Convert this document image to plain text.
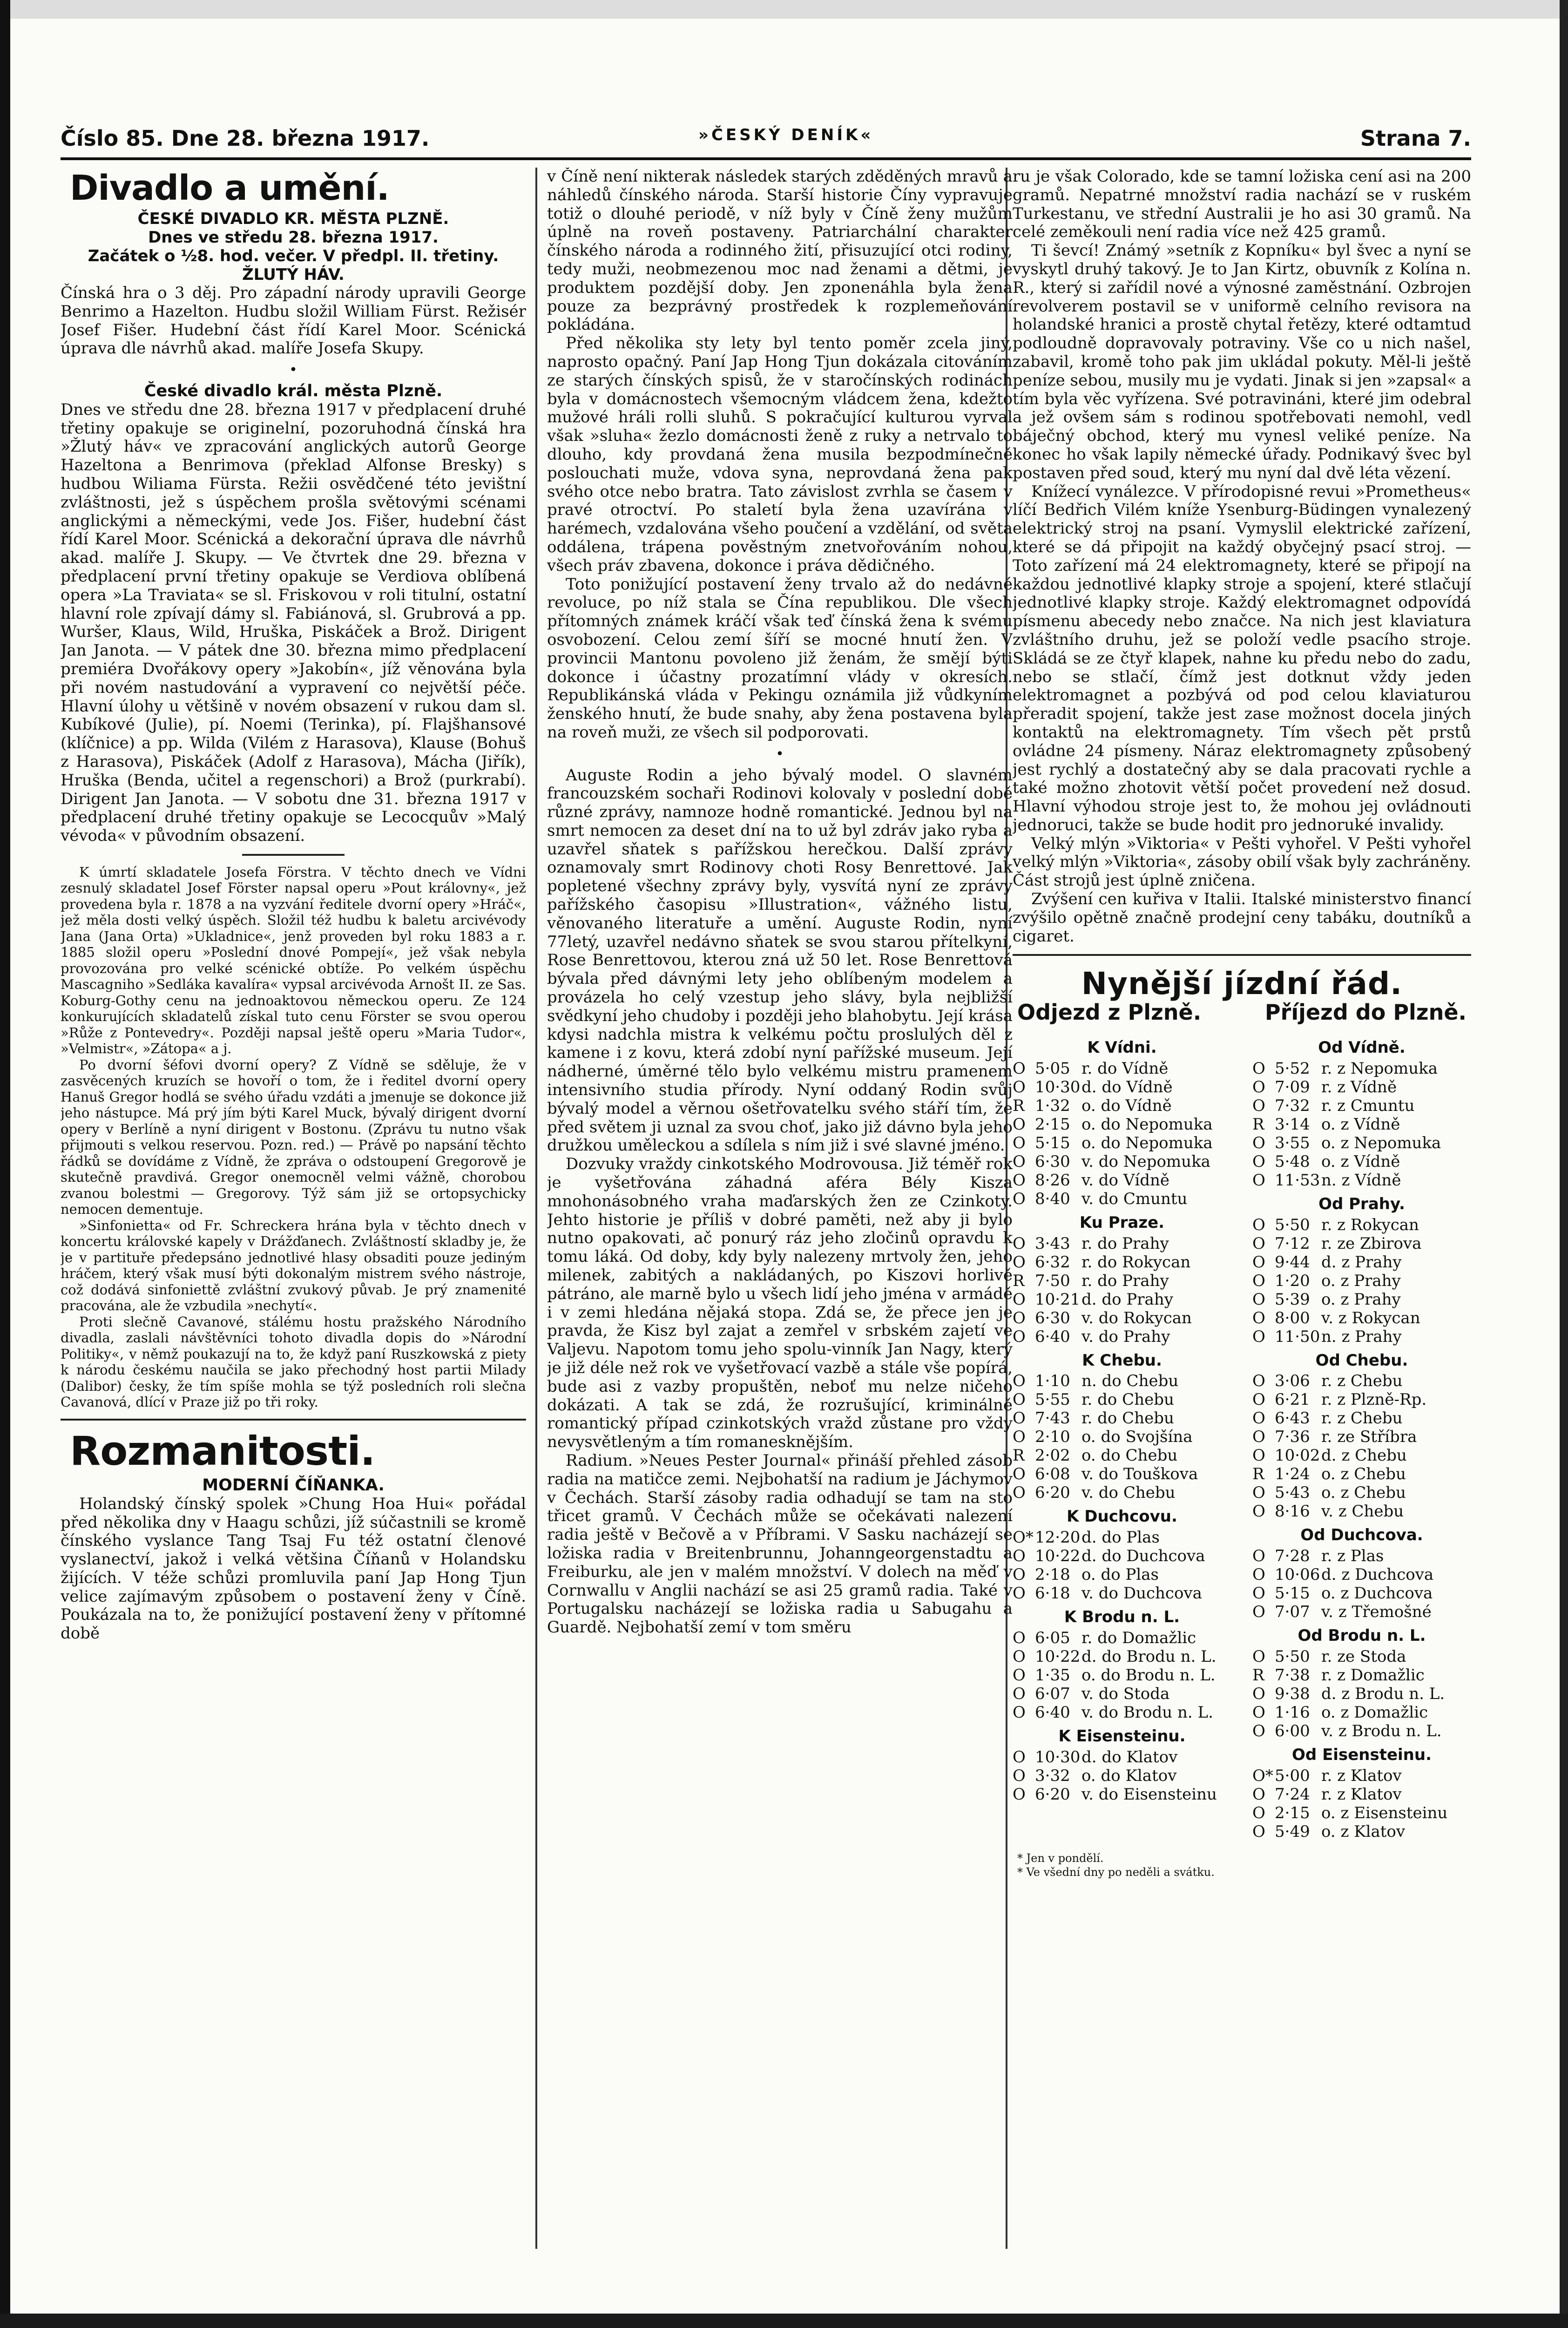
Číslo 85. Dne 28. března 1917.	»ČESKÝ DENÍK«	Strana 7.
Divadlo a umění.
ČESKÉ DIVADLO KR. MĚSTA PLZNĚ.
Dnes ve středu 28. března 1917.
Začátek o ½8. hod. večer. V předpl. II. třetiny.
ŽLUTÝ HÁV.

Čínská hra o 3 děj. Pro západní národy upravili George Benrimo a Hazelton. Hudbu složil William Fürst. Režisér Josef Fišer. Hudební část řídí Karel Moor. Scénická úprava dle návrhů akad. malíře Josefa Skupy.

•
České divadlo král. města Plzně.

Dnes ve středu dne 28. března 1917 v předplacení druhé třetiny opakuje se originelní, pozoruhodná čínská hra »Žlutý háv« ve zpracování anglických autorů George Hazeltona a Benrimova (překlad Alfonse Bresky) s hudbou Wiliama Fürsta. Režii osvědčené této jevištní zvláštnosti, jež s úspěchem prošla světovými scénami anglickými a německými, vede Jos. Fišer, hudební část řídí Karel Moor. Scénická a dekorační úprava dle návrhů akad. malíře J. Skupy. — Ve čtvrtek dne 29. března v předplacení první třetiny opakuje se Verdiova oblíbená opera »La Traviata« se sl. Friskovou v roli titulní, ostatní hlavní role zpívají dámy sl. Fabiánová, sl. Grubrová a pp. Wuršer, Klaus, Wild, Hruška, Piskáček a Brož. Dirigent Jan Janota. — V pátek dne 30. března mimo předplacení premiéra Dvořákovy opery »Jakobín«, jíž věnována byla při novém nastudování a vypravení co největší péče. Hlavní úlohy u většině v novém obsazení v rukou dam sl. Kubíkové (Julie), pí. Noemi (Terinka), pí. Flajšhansové (klíčnice) a pp. Wilda (Vilém z Harasova), Klause (Bohuš z Harasova), Piskáček (Adolf z Harasova), Mácha (Jiřík), Hruška (Benda, učitel a regenschori) a Brož (purkrabí). Dirigent Jan Janota. — V sobotu dne 31. března 1917 v předplacení druhé třetiny opakuje se Lecocquův »Malý vévoda« v původním obsazení.

K úmrtí skladatele Josefa Förstra. V těchto dnech ve Vídni zesnulý skladatel Josef Förster napsal operu »Pout královny«, jež provedena byla r. 1878 a na vyzvání ředitele dvorní opery »Hráč«, jež měla dosti velký úspěch. Složil též hudbu k baletu arcivévody Jana (Jana Orta) »Ukladnice«, jenž proveden byl roku 1883 a r. 1885 složil operu »Poslední dnové Pompejí«, jež však nebyla provozována pro velké scénické obtíže. Po velkém úspěchu Mascagniho »Sedláka kavalíra« vypsal arcivévoda Arnošt II. ze Sas. Koburg-Gothy cenu na jednoaktovou německou operu. Ze 124 konkurujících skladatelů získal tuto cenu Förster se svou operou »Růže z Pontevedry«. Později napsal ještě operu »Maria Tudor«, »Velmistr«, »Zátopa« a j.

Po dvorní šéfovi dvorní opery? Z Vídně se sděluje, že v zasvěcených kruzích se hovoří o tom, že i ředitel dvorní opery Hanuš Gregor hodlá se svého úřadu vzdáti a jmenuje se dokonce již jeho nástupce. Má prý jím býti Karel Muck, bývalý dirigent dvorní opery v Berlíně a nyní dirigent v Bostonu. (Zprávu tu nutno však přijmouti s velkou reservou. Pozn. red.) — Právě po napsání těchto řádků se dovídáme z Vídně, že zpráva o odstoupení Gregorově je skutečně pravdivá. Gregor onemocněl velmi vážně, chorobou zvanou bolestmi — Gregorovy. Týž sám již se ortopsychicky nemocen dementuje.

»Sinfonietta« od Fr. Schreckera hrána byla v těchto dnech v koncertu královské kapely v Drážďanech. Zvláštností skladby je, že je v partituře předepsáno jednotlivé hlasy obsaditi pouze jediným hráčem, který však musí býti dokonalým mistrem svého nástroje, což dodává sinfoniettě zvláštní zvukový půvab. Je prý znamenité pracována, ale že vzbudila »nechytí«.

Proti slečně Cavanové, stálému hostu pražského Národního divadla, zaslali návštěvníci tohoto divadla dopis do »Národní Politiky«, v němž poukazují na to, že když paní Ruszkowská z piety k národu českému naučila se jako přechodný host partii Milady (Dalibor) česky, že tím spíše mohla se týž posledních roli slečna Cavanová, dlící v Praze již po tři roky.

Rozmanitosti.
MODERNÍ ČÍŇANKA.

Holandský čínský spolek »Chung Hoa Hui« pořádal před několika dny v Haagu schůzi, jíž súčastnili se kromě čínského vyslance Tang Tsaj Fu též ostatní členové vyslanectví, jakož i velká většina Číňanů v Holandsku žijících. V téže schůzi promluvila paní Jap Hong Tjun velice zajímavým způsobem o postavení ženy v Číně. Poukázala na to, že ponižující postavení ženy v přítomné době

v Číně není nikterak následek starých zděděných mravů a náhledů čínského národa. Starší historie Číny vypravuje totiž o dlouhé periodě, v níž byly v Číně ženy mužům úplně na roveň postaveny. Patriarchální charakter čínského národa a rodinného žití, přisuzující otci rodiny, tedy muži, neobmezenou moc nad ženami a dětmi, je produktem pozdější doby. Jen zponenáhla byla žena pouze za bezprávný prostředek k rozplemeňování pokládána.

Před několika sty lety byl tento poměr zcela jiný, naprosto opačný. Paní Jap Hong Tjun dokázala citováním ze starých čínských spisů, že v staročínských rodinách byla v domácnostech všemocným vládcem žena, kdežto mužové hráli rolli sluhů. S pokračující kulturou vyrval však »sluha« žezlo domácnosti ženě z ruky a netrvalo to dlouho, kdy provdaná žena musila bezpodmínečně poslouchati muže, vdova syna, neprovdaná žena pak svého otce nebo bratra. Tato závislost zvrhla se časem v pravé otroctví. Po staletí byla žena uzavírána v harémech, vzdalována všeho poučení a vzdělání, od světa oddálena, trápena pověstným znetvořováním nohou, všech práv zbavena, dokonce i práva dědičného.

Toto ponižující postavení ženy trvalo až do nedávné revoluce, po níž stala se Čína republikou. Dle všech přítomných známek kráčí však teď čínská žena k svému osvobození. Celou zemí šíří se mocné hnutí žen. V provincii Mantonu povoleno již ženám, že smějí býti dokonce i účastny prozatímní vlády v okresích. Republikánská vláda v Pekingu oznámila již vůdkyním ženského hnutí, že bude snahy, aby žena postavena byla na roveň muži, ze všech sil podporovati.

•

Auguste Rodin a jeho bývalý model. O slavném francouzském sochaři Rodinovi kolovaly v poslední době různé zprávy, namnoze hodně romantické. Jednou byl na smrt nemocen za deset dní na to už byl zdráv jako ryba a uzavřel sňatek s pařížskou herečkou. Další zprávy oznamovaly smrt Rodinovy choti Rosy Benrettové. Jak popletené všechny zprávy byly, vysvítá nyní ze zprávy pařížského časopisu »Illustration«, vážného listu, věnovaného literatuře a umění. Auguste Rodin, nyní 77letý, uzavřel nedávno sňatek se svou starou přítelkyní, Rose Benrettovou, kterou zná už 50 let. Rose Benrettová bývala před dávnými lety jeho oblíbeným modelem a provázela ho celý vzestup jeho slávy, byla nejbližší svědkyní jeho chudoby i později jeho blahobytu. Její krása kdysi nadchla mistra k velkému počtu proslulých děl z kamene i z kovu, která zdobí nyní pařížské museum. Její nádherné, úměrné tělo bylo velkému mistru pramenem intensivního studia přírody. Nyní oddaný Rodin svůj bývalý model a věrnou ošetřovatelku svého stáří tím, že před světem ji uznal za svou choť, jako již dávno byla jeho družkou uměleckou a sdílela s ním již i své slavné jméno.

Dozvuky vraždy cinkotského Modrovousa. Již téměř rok je vyšetřována záhadná aféra Bély Kisza mnohonásobného vraha maďarských žen ze Czinkoty. Jehto historie je příliš v dobré paměti, než aby ji bylo nutno opakovati, ač ponurý ráz jeho zločinů opravdu k tomu láká. Od doby, kdy byly nalezeny mrtvoly žen, jeho milenek, zabitých a nakládaných, po Kiszovi horlivě pátráno, ale marně bylo u všech lidí jeho jména v armádě i v zemi hledána nějaká stopa. Zdá se, že přece jen je pravda, že Kisz byl zajat a zemřel v srbském zajetí ve Valjevu. Napotom tomu jeho spolu-vinník Jan Nagy, který je již déle než rok ve vyšetřovací vazbě a stále vše popírá, bude asi z vazby propuštěn, neboť mu nelze ničeho dokázati. A tak se zdá, že rozrušující, kriminálně romantický případ czinkotských vražd zůstane pro vždy nevysvětleným a tím romanesknějším.

Radium. »Neues Pester Journal« přináší přehled zásob radia na matičce zemi. Nejbohatší na radium je Jáchymov v Čechách. Starší zásoby radia odhadují se tam na sto třicet gramů. V Čechách může se očekávati nalezení radia ještě v Bečově a v Příbrami. V Sasku nacházejí se ložiska radia v Breitenbrunnu, Johanngeorgenstadtu a Freiburku, ale jen v malém množství. V dolech na měď v Cornwallu v Anglii nachází se asi 25 gramů radia. Také v Portugalsku nacházejí se ložiska radia u Sabugahu a Guardě. Nejbohatší zemí v tom směru

ru je však Colorado, kde se tamní ložiska cení asi na 200 gramů. Nepatrné množství radia nachází se v ruském Turkestanu, ve střední Australii je ho asi 30 gramů. Na celé zeměkouli není radia více než 425 gramů.

Ti ševcí! Známý »setník z Kopníku« byl švec a nyní se vyskytl druhý takový. Je to Jan Kirtz, obuvník z Kolína n. R., který si zařídil nové a výnosné zaměstnání. Ozbrojen revolverem postavil se v uniformě celního revisora na holandské hranici a prostě chytal řetězy, které odtamtud podloudně dopravovaly potraviny. Vše co u nich našel, zabavil, kromě toho pak jim ukládal pokuty. Měl-li ještě peníze sebou, musily mu je vydati. Jinak si jen »zapsal« a tím byla věc vyřízena. Své potravináni, které jim odebral a jež ovšem sám s rodinou spotřebovati nemohl, vedl báječný obchod, který mu vynesl veliké peníze. Na konec ho však lapily německé úřady. Podnikavý švec byl postaven před soud, který mu nyní dal dvě léta vězení.

Knížecí vynálezce. V přírodopisné revui »Prometheus« líčí Bedřich Vilém kníže Ysenburg-Büdingen vynalezený elektrický stroj na psaní. Vymyslil elektrické zařízení, které se dá připojit na každý obyčejný psací stroj. — Toto zařízení má 24 elektromagnety, které se připojí na každou jednotlivé klapky stroje a spojení, které stlačují jednotlivé klapky stroje. Každý elektromagnet odpovídá písmenu abecedy nebo značce. Na nich jest klaviatura zvláštního druhu, jež se položí vedle psacího stroje. Skládá se ze čtyř klapek, nahne ku předu nebo do zadu, nebo se stlačí, čímž jest dotknut vždy jeden elektromagnet a pozbývá od pod celou klaviaturou přeradit spojení, takže jest zase možnost docela jiných kontaktů na elektromagnety. Tím všech pět prstů ovládne 24 písmeny. Náraz elektromagnety způsobený jest rychlý a dostatečný aby se dala pracovati rychle a také možno zhotovit větší počet provedení než dosud. Hlavní výhodou stroje jest to, že mohou jej ovládnouti jednoruci, takže se bude hodit pro jednoruké invalidy.

Velký mlýn »Viktoria« v Pešti vyhořel. V Pešti vyhořel velký mlýn »Viktoria«, zásoby obilí však byly zachráněny. Část strojů jest úplně zničena.

Zvýšení cen kuřiva v Italii. Italské ministerstvo financí zvýšilo opětně značně prodejní ceny tabáku, doutníků a cigaret.

Nynější jízdní řád.
Odjezd z Plzně.	Příjezd do Plzně.
K Vídni.
O 5·05 r. do Vídně
O 10·30 d. do Vídně
R 1·32 o. do Vídně
O 2·15 o. do Nepomuka
O 5·15 o. do Nepomuka
O 6·30 v. do Nepomuka
O 8·26 v. do Vídně
O 8·40 v. do Cmuntu
Ku Praze.
O 3·43 r. do Prahy
O 6·32 r. do Rokycan
R 7·50 r. do Prahy
O 10·21 d. do Prahy
O 6·30 v. do Rokycan
O 6·40 v. do Prahy
K Chebu.
O 1·10 n. do Chebu
O 5·55 r. do Chebu
O 7·43 r. do Chebu
O 2·10 o. do Svojšína
R 2·02 o. do Chebu
O 6·08 v. do Touškova
O 6·20 v. do Chebu
K Duchcovu.
O* 12·20 d. do Plas
O 10·22 d. do Duchcova
O 2·18 o. do Plas
O 6·18 v. do Duchcova
K Brodu n. L.
O 6·05 r. do Domažlic
O 10·22 d. do Brodu n. L.
O 1·35 o. do Brodu n. L.
O 6·07 v. do Stoda
O 6·40 v. do Brodu n. L.
K Eisensteinu.
O 10·30 d. do Klatov
O 3·32 o. do Klatov
O 6·20 v. do Eisensteinu
Od Vídně.
O 5·52 r. z Nepomuka
O 7·09 r. z Vídně
O 7·32 r. z Cmuntu
R 3·14 o. z Vídně
O 3·55 o. z Nepomuka
O 5·48 o. z Vídně
O 11·53 n. z Vídně
Od Prahy.
O 5·50 r. z Rokycan
O 7·12 r. ze Zbirova
O 9·44 d. z Prahy
O 1·20 o. z Prahy
O 5·39 o. z Prahy
O 8·00 v. z Rokycan
O 11·50 n. z Prahy
Od Chebu.
O 3·06 r. z Chebu
O 6·21 r. z Plzně-Rp.
O 6·43 r. z Chebu
O 7·36 r. ze Stříbra
O 10·02 d. z Chebu
R 1·24 o. z Chebu
O 5·43 o. z Chebu
O 8·16 v. z Chebu
Od Duchcova.
O 7·28 r. z Plas
O 10·06 d. z Duchcova
O 5·15 o. z Duchcova
O 7·07 v. z Třemošné
Od Brodu n. L.
O 5·50 r. ze Stoda
R 7·38 r. z Domažlic
O 9·38 d. z Brodu n. L.
O 1·16 o. z Domažlic
O 6·00 v. z Brodu n. L.
Od Eisensteinu.
O* 5·00 r. z Klatov
O 7·24 r. z Klatov
O 2·15 o. z Eisensteinu
O 5·49 o. z Klatov
* Jen v pondělí.
* Ve všední dny po neděli a svátku.
